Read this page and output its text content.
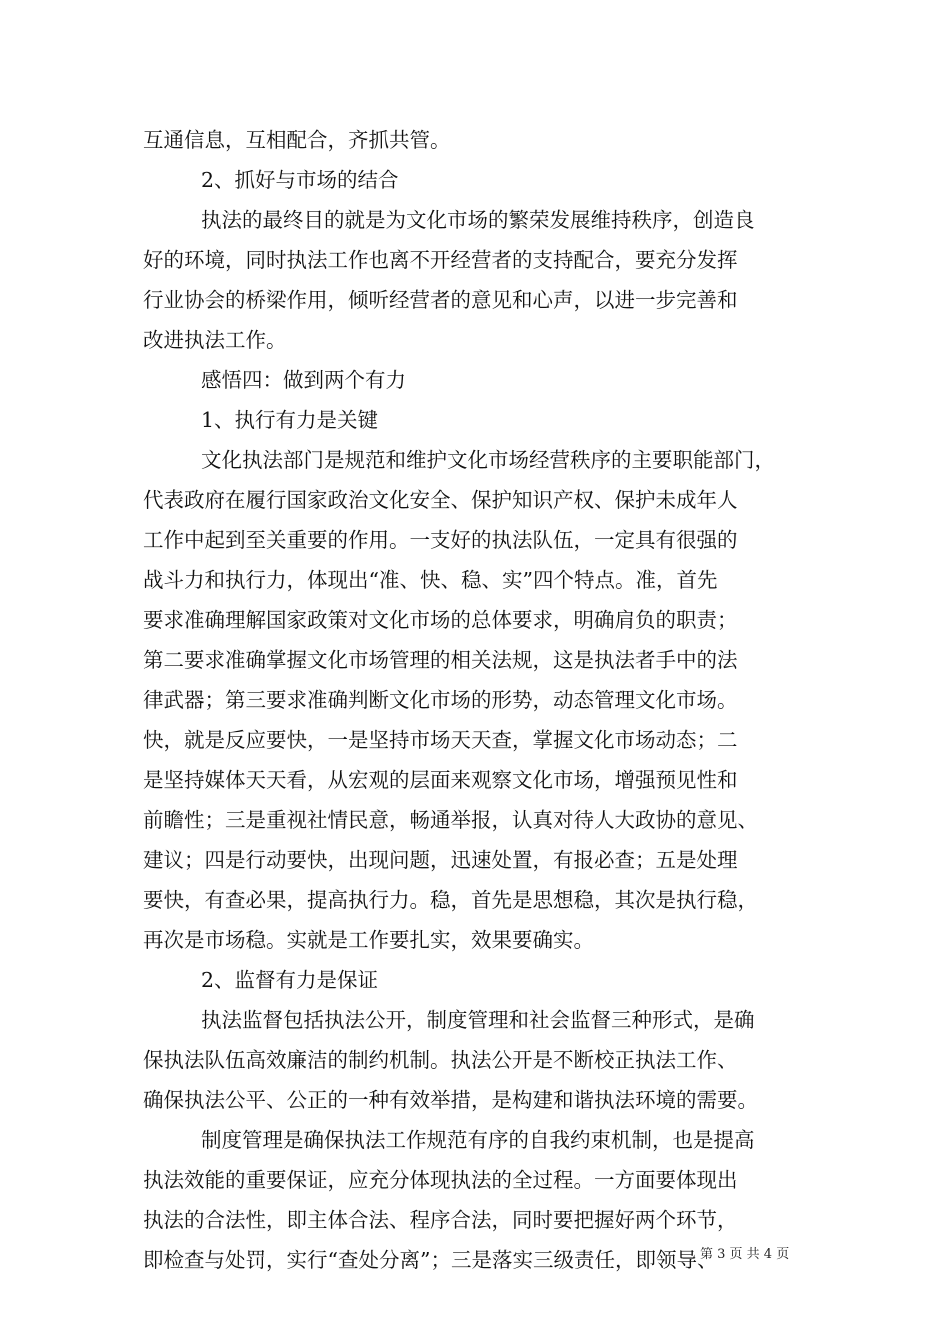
互通信息，互相配合，齐抓共管。
2、抓好与市场的结合
执法的最终目的就是为文化市场的繁荣发展维持秩序，创造良
好的环境，同时执法工作也离不开经营者的支持配合，要充分发挥
行业协会的桥梁作用，倾听经营者的意见和心声，以进一步完善和
改进执法工作。
感悟四：做到两个有力
1、执行有力是关键
文化执法部门是规范和维护文化市场经营秩序的主要职能部门，
代表政府在履行国家政治文化安全、保护知识产权、保护未成年人
工作中起到至关重要的作用。一支好的执法队伍，一定具有很强的
战斗力和执行力，体现出“准、快、稳、实”四个特点。准，首先
要求准确理解国家政策对文化市场的总体要求，明确肩负的职责；
第二要求准确掌握文化市场管理的相关法规，这是执法者手中的法
律武器；第三要求准确判断文化市场的形势，动态管理文化市场。
快，就是反应要快，一是坚持市场天天查，掌握文化市场动态；二
是坚持媒体天天看，从宏观的层面来观察文化市场，增强预见性和
前瞻性；三是重视社情民意，畅通举报，认真对待人大政协的意见、
建议；四是行动要快，出现问题，迅速处置，有报必查；五是处理
要快，有查必果，提高执行力。稳，首先是思想稳，其次是执行稳，
再次是市场稳。实就是工作要扎实，效果要确实。
2、监督有力是保证
执法监督包括执法公开，制度管理和社会监督三种形式，是确
保执法队伍高效廉洁的制约机制。执法公开是不断校正执法工作、
确保执法公平、公正的一种有效举措，是构建和谐执法环境的需要。
制度管理是确保执法工作规范有序的自我约束机制，也是提高
执法效能的重要保证，应充分体现执法的全过程。一方面要体现出
执法的合法性，即主体合法、程序合法，同时要把握好两个环节，
即检查与处罚，实行“查处分离”；三是落实三级责任，即领导、
第 3 页 共 4 页
